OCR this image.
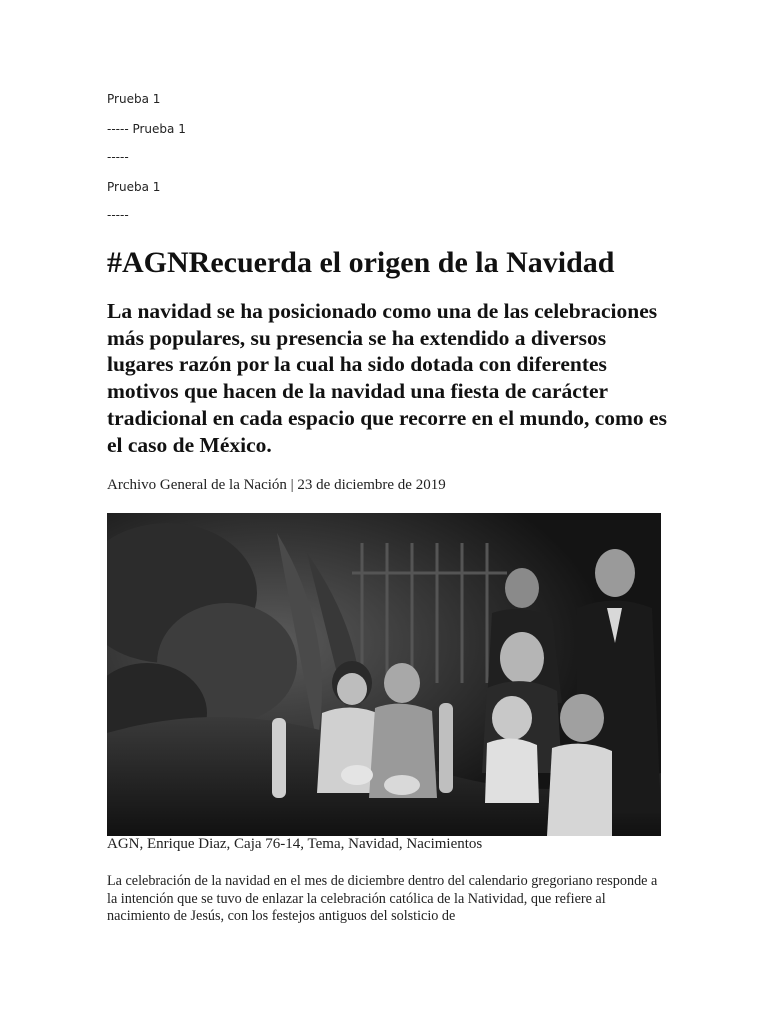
Prueba 1

----- Prueba 1

-----

Prueba 1

-----

#AGNRecuerda el origen de la Navidad

La navidad se ha posicionado como una de las celebraciones más populares, su presencia se ha extendido a diversos lugares razón por la cual ha sido dotada con diferentes motivos que hacen de la navidad una fiesta de carácter tradicional en cada espacio que recorre en el mundo, como es el caso de México.

Archivo General de la Nación | 23 de diciembre de 2019

AGN, Enrique Diaz, Caja 76-14, Tema, Navidad, Nacimientos

La celebración de la navidad en el mes de diciembre dentro del calendario gregoriano responde a la intención que se tuvo de enlazar la celebración católica de la Natividad, que refiere al nacimiento de Jesús, con los festejos antiguos del solsticio de
